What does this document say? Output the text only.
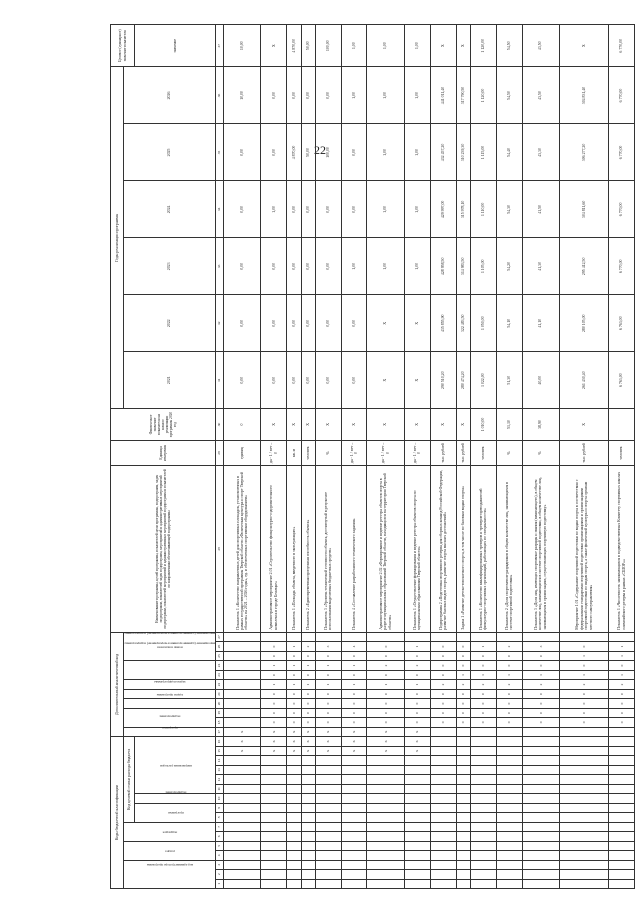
22
Коды бюджетной классификации																Дополнительный аналитический код											Наименование программы, целей программы, показателей цели программы, подпрограмм, задач подпрограмм, показателей задач подпрограмм, мероприятий и административных мероприятий подпрограмм, показателей мероприятий и административных мероприятий подпрограмм и показателей по направлениям обеспечивающей подпрограммы	Единица измерения	Фактическое значение показателя на начало реализации программы 2020 год	Годы реализации программы						Целевое (суммарное) значение показателя
код администратора программы			раздел		подраздел		Код целевой статьи расхода бюджета									программа	подпрограмма		задача программы	задача подпрограммы	мероприятие (административное мероприятие) подпрограммы	мероприятие (административное мероприятие) подпрограммы		номер показателя						2021	2022	2023	2024	2025	2026	
							программа		подпрограмма	направление расходов																										значение
1	2	3	4	5	6	7	8	9	10	11	12	13	14	15	16	17	18	19	20	21	22	23	24	25	26	27	28	29	30	31	32	33	34	35	36	37
														X	X	X											Показатель 1 «Количество направленных детей для спортивных площадок, установленных в рамках государственной программы Тверской области «Физическая культура и спорт Тверской области» на 2021 – 2026 годы», ед. и обеспеченных спортивным оборудованием»	единиц	0	0,00	0,00	0,00	0,00	0,00	10,00	10,00
														X	X	X	0	0	0	0	1	0	1	0	0		Административное мероприятие 2.01 «Строительство физкультурно-оздоровительного комплекса в городе Бежецке»	да - 1 / нет – 0	X	0,00	0,00	0,00	1,00	0,00	0,00	X
														X	X	X	0	0	0	0	1	0	1	0	1		Показатель 1 «Площадь объекта, введенного в эксплуатацию»	кв. м	X	0,00	0,00	0,00	0,00	4 870,00	0,00	4 870,00
														X	X	X	0	0	0	0	1	0	1	0	2		Показатель 2 «Единовременная пропускная способность объекта»	человек	X	0,00	0,00	0,00	0,00	50,00	0,00	50,00
														X	X	X	0	0	0	0	1	0	1	0	3		Показатель 3 «Уровень технической готовности объекта, достигнутый в результате использования выделенных бюджетных средств»	%	X	0,00	0,00	0,00	0,00	100,00	0,00	100,00
														X	X	X	0	0	0	0	1	0	1	0	4		Показатель 4 «Составление разработанного технического задания»	да - 1 / нет – 0	X	0,00	0,00	1,00	0,00	0,00	1,00	1,00
														X	X	X	0	0	0	0	1	0	2	0	0		Административное мероприятие 2.02 «Формирование и ведение реестра объектов спорта в разрезе муниципальных образований Тверской области, находящихся на территории Тверской области»	да - 1 / нет – 0	X	X	X	1,00	1,00	1,00	1,00	1,00
														X	X	X	0	0	0	0	1	0	2	0	1		Показатель 1 «Осуществление формирования и ведение реестра объектов спорта по муниципальным образованиям Тверской области»	да - 1 / нет – 0	X	X	X	1,00	1,00	1,00	1,00	1,00
																	0	0	0	0	2	0	0	0	0		Подпрограмма 2 «Подготовка спортивного резерва для сборных команд Российской Федерации, развитие базовых видов спорта, развитие спорта высших достижений»	тыс. рублей	X	290 510,20	435 855,90	428 958,50	429 997,00	432 457,20	441 011,40	X
																	0	0	0	0	2	1	0	0	0		Задача 1 «Развитие детско-юношеского спорта, в том числе по базовым видам спорта»	тыс. рублей	X	280 474,20	322 483,50	314 983,50	315 978,10	310 239,30	317 790,50	X
																	0	0	0	0	2	1	0	0	1		Показатель 1 «Количество квалифицированных тренеров и тренеров-преподавателей физкультурно-спортивных организаций, работающих по специальности»	человек	1 010,00	1 022,00	1 050,00	1 105,00	1 110,00	1 115,00	1 120,00	1 120,00
																	0	0	0	0	2	1	0	0	2		Показатель 2 «Доля спортсменов-разрядников в общем количестве лиц, занимающихся в системе спортивной подготовки»	%	51,10	51,30	54,10	54,20	54,30	54,40	54,50	54,50
																	0	0	0	0	2	1	0	0	3		Показатель 3 «Доля лиц, имеющих спортивные разряды и звания (начинающего), в общем количестве лиц, занимающихся в системе спортивной подготовки, в общем количестве лиц, занимающихся в организациях, осуществляющих спортивную подготовку»	%	38,90	40,00	41,10	41,30	41,50	43,30	43,50	43,50
																	0	0	0	0	2	1	0	1	0		Мероприятие 1.01 «Содержание спортивной подготовки по видам спорта в соответствии с федеральными стандартами спортивной подготовки организациями и организациями спортивной подготовки по видам спорта, а также физической культуры и спорта органам местного самоуправления»	тыс. рублей	X	261 430,40	280 105,00	295 412,50	304 811,60	306 277,20	304 831,40	X
																	0	0	0	0	2	1	0	1	1		Показатель 1 «Численность занимающихся в подведомственных Комитету спортивных школах олимпийского резерва в рамках «СШОР»»	человек		6 763,00	6 763,00	6 770,00	6 770,00	6 770,00	6 770,00	6 770,00
